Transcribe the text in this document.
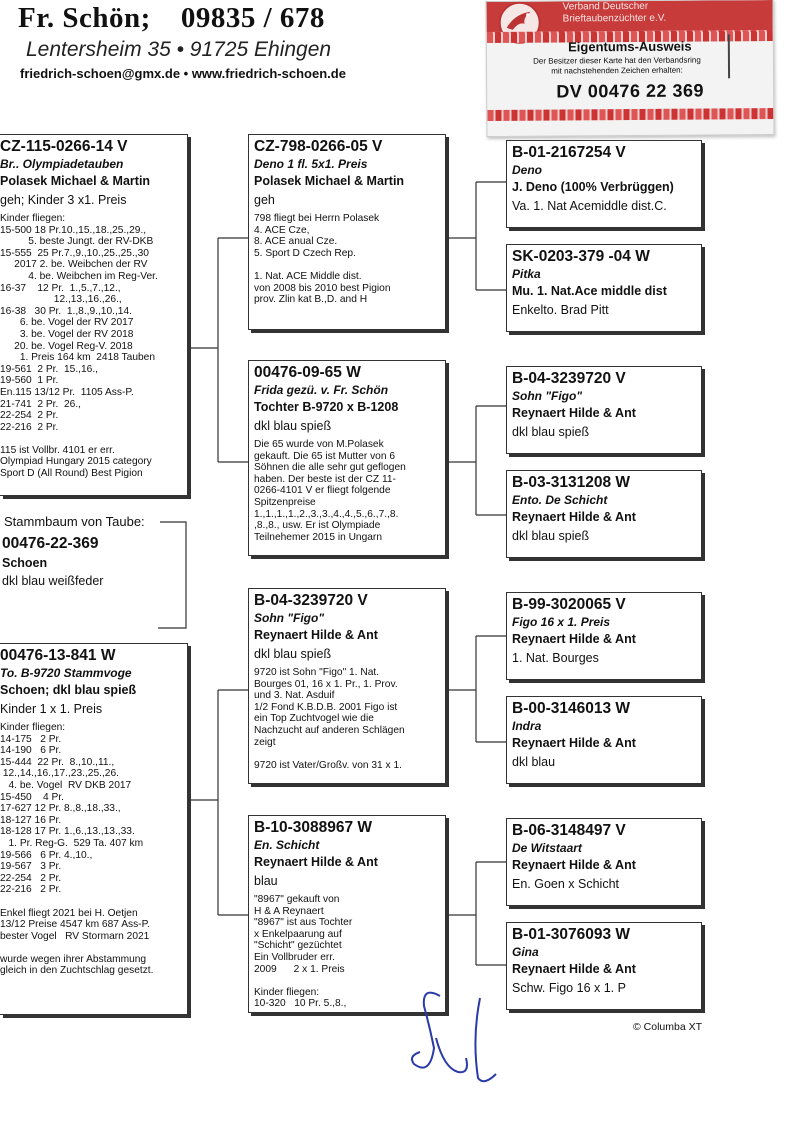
Fr. Schön; 09835 / 678
Lentersheim 35 • 91725 Ehingen
friedrich-schoen@gmx.de • www.friedrich-schoen.de
Verband Deutscher
Brieftaubenzüchter e.V.
Eigentums-Ausweis
Der Besitzer dieser Karte hat den Verbandsring
mit nachstehenden Zeichen erhalten:
DV 00476 22 369
CZ-115-0266-14 V
Br.. Olympiadetauben
Polasek Michael & Martin
geh; Kinder 3 x1. Preis
Kinder fliegen:
15-500 18 Pr.10.,15.,18.,25.,29.,
5. beste Jungt. der RV-DKB
15-555  25 Pr.7.,9.,10.,25.,25.,30
2017 2. be. Weibchen der RV
4. be. Weibchen im Reg-Ver.
16-37    12 Pr.  1.,5.,7.,12.,
12.,13.,16.,26.,
16-38   30 Pr.  1.,8.,9.,10.,14.
6. be. Vogel der RV 2017
3. be. Vogel der RV 2018
20. be. Vogel Reg-V. 2018
1. Preis 164 km  2418 Tauben
19-561  2 Pr.  15.,16.,
19-560  1 Pr.
En.115 13/12 Pr.  1105 Ass-P.
21-741  2 Pr.  26.,
22-254  2 Pr.
22-216  2 Pr.

115 ist Vollbr. 4101 er err.
Olympiad Hungary 2015 category
Sport D (All Round) Best Pigion
Stammbaum von Taube:
00476-22-369
Schoen
dkl blau weißfeder
00476-13-841 W
To. B-9720 Stammvoge
Schoen; dkl blau spieß
Kinder 1 x 1. Preis
Kinder fliegen:
14-175   2 Pr.
14-190   6 Pr.
15-444  22 Pr.  8.,10.,11.,
12.,14.,16.,17.,23.,25.,26.
4. be. Vogel  RV DKB 2017
15-450    4 Pr.
17-627 12 Pr. 8.,8.,18.,33.,
18-127 16 Pr.
18-128 17 Pr. 1.,6.,13.,13.,33.
1. Pr. Reg-G.  529 Ta. 407 km
19-566   6 Pr. 4.,10.,
19-567   3 Pr.
22-254   2 Pr.
22-216   2 Pr.

Enkel fliegt 2021 bei H. Oetjen
13/12 Preise 4547 km 687 Ass-P.
bester Vogel   RV Stormarn 2021

wurde wegen ihrer Abstammung
gleich in den Zuchtschlag gesetzt.
CZ-798-0266-05 V
Deno 1 fl. 5x1. Preis
Polasek Michael & Martin
geh
798 fliegt bei Herrn Polasek
4. ACE Cze,
8. ACE anual Cze.
5. Sport D Czech Rep.

1. Nat. ACE Middle dist.
von 2008 bis 2010 best Pigion
prov. Zlin kat B.,D. and H
00476-09-65 W
Frida gezü. v. Fr. Schön
Tochter B-9720 x B-1208
dkl blau spieß
Die 65 wurde von M.Polasek
gekauft. Die 65 ist Mutter von 6
Söhnen die alle sehr gut geflogen
haben. Der beste ist der CZ 11-
0266-4101 V er fliegt folgende
Spitzenpreise
1.,1.,1.,1.,2.,3.,3.,4.,4.,5.,6.,7.,8.
,8.,8., usw. Er ist Olympiade
Teilnehemer 2015 in Ungarn
B-04-3239720 V
Sohn "Figo"
Reynaert Hilde & Ant
dkl blau spieß
9720 ist Sohn "Figo" 1. Nat.
Bourges 01, 16 x 1. Pr., 1. Prov.
und 3. Nat. Asduif
1/2 Fond K.B.D.B. 2001 Figo ist
ein Top Zuchtvogel wie die
Nachzucht auf anderen Schlägen
zeigt

9720 ist Vater/Großv. von 31 x 1.
B-10-3088967 W
En. Schicht
Reynaert Hilde & Ant
blau
"8967" gekauft von
H & A Reynaert
"8967" ist aus Tochter
x Enkelpaarung auf
"Schicht" gezüchtet
Ein Vollbruder err.
2009      2 x 1. Preis

Kinder fliegen:
10-320   10 Pr. 5.,8.,
B-01-2167254 V
Deno
J. Deno (100% Verbrüggen)
Va. 1. Nat Acemiddle dist.C.
SK-0203-379 -04 W
Pitka
Mu. 1. Nat.Ace middle dist
Enkelto. Brad Pitt
B-04-3239720 V
Sohn "Figo"
Reynaert Hilde & Ant
dkl blau spieß
B-03-3131208 W
Ento. De Schicht
Reynaert Hilde & Ant
dkl blau spieß
B-99-3020065 V
Figo 16 x 1. Preis
Reynaert Hilde & Ant
1. Nat. Bourges
B-00-3146013 W
Indra
Reynaert Hilde & Ant
dkl blau
B-06-3148497 V
De Witstaart
Reynaert Hilde & Ant
En. Goen x Schicht
B-01-3076093 W
Gina
Reynaert Hilde & Ant
Schw. Figo 16 x 1. P
© Columba XT
